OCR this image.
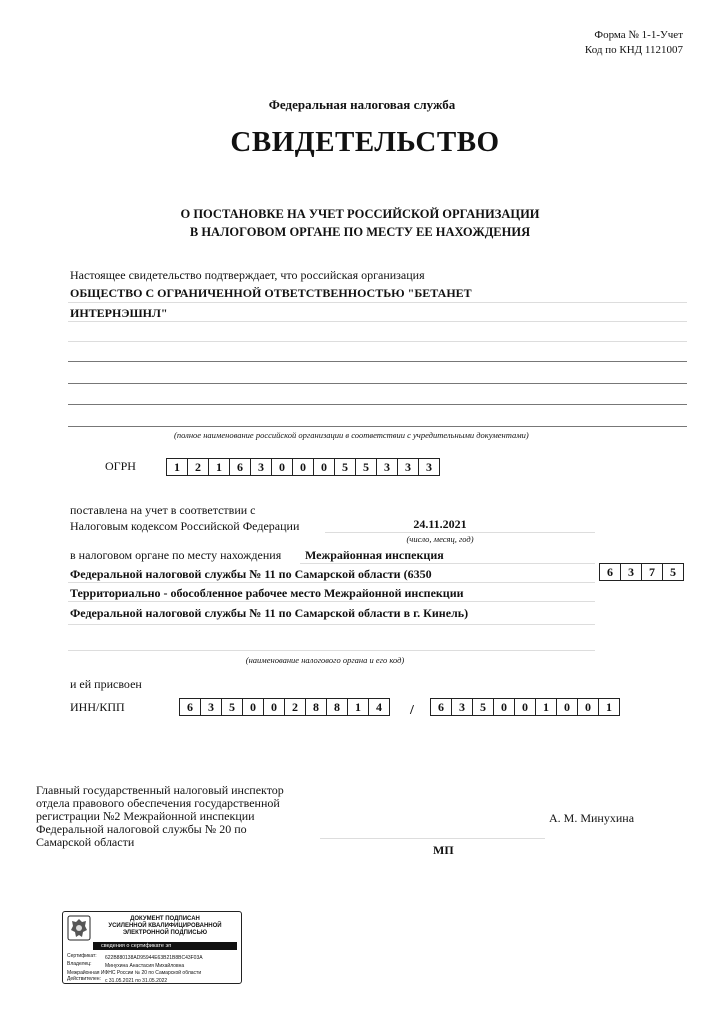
Форма № 1-1-Учет
Код по КНД 1121007
Федеральная налоговая служба
СВИДЕТЕЛЬСТВО
О ПОСТАНОВКЕ НА УЧЕТ РОССИЙСКОЙ ОРГАНИЗАЦИИ
В НАЛОГОВОМ ОРГАНЕ ПО МЕСТУ ЕЕ НАХОЖДЕНИЯ
Настоящее свидетельство подтверждает, что российская организация
ОБЩЕСТВО С ОГРАНИЧЕННОЙ ОТВЕТСТВЕННОСТЬЮ "БЕТАНЕТ
ИНТЕРНЭШНЛ"
(полное наименование российской организации в соответствии с учредительными документами)
ОГРН	1	2	1	6	3	0	0	0	5	5	3	3	3
поставлена на учет в соответствии с
Налоговым кодексом Российской Федерации	24.11.2021
(число, месяц, год)
в налоговом органе по месту нахождения Межрайонная инспекция
Федеральной налоговой службы № 11 по Самарской области (6350
Территориально - обособленное рабочее место Межрайонной инспекции
Федеральной налоговой службы № 11 по Самарской области в г. Кинель)
6	3	7	5
(наименование налогового органа и его код)
и ей присвоен
ИНН/КПП	6	3	5	0	0	2	8	8	1	4	/	6	3	5	0	0	1	0	0	1
Главный государственный налоговый инспектор
отдела правового обеспечения государственной
регистрации №2 Межрайонной инспекции
Федеральной налоговой службы № 20 по
Самарской области
А. М. Минухина
МП
ДОКУМЕНТ ПОДПИСАН
УСИЛЕННОЙ КВАЛИФИЦИРОВАННОЙ
ЭЛЕКТРОННОЙ ПОДПИСЬЮ
сведения о сертификате эп
Сертификат: 622B880138AD95944E63B21B8BC43F03A
Владелец:	Минухина Анастасия Михайловна
Межрайонная ИФНС России № 20 по Самарской области
Действителен: с 31.05.2021 по 31.05.2022
